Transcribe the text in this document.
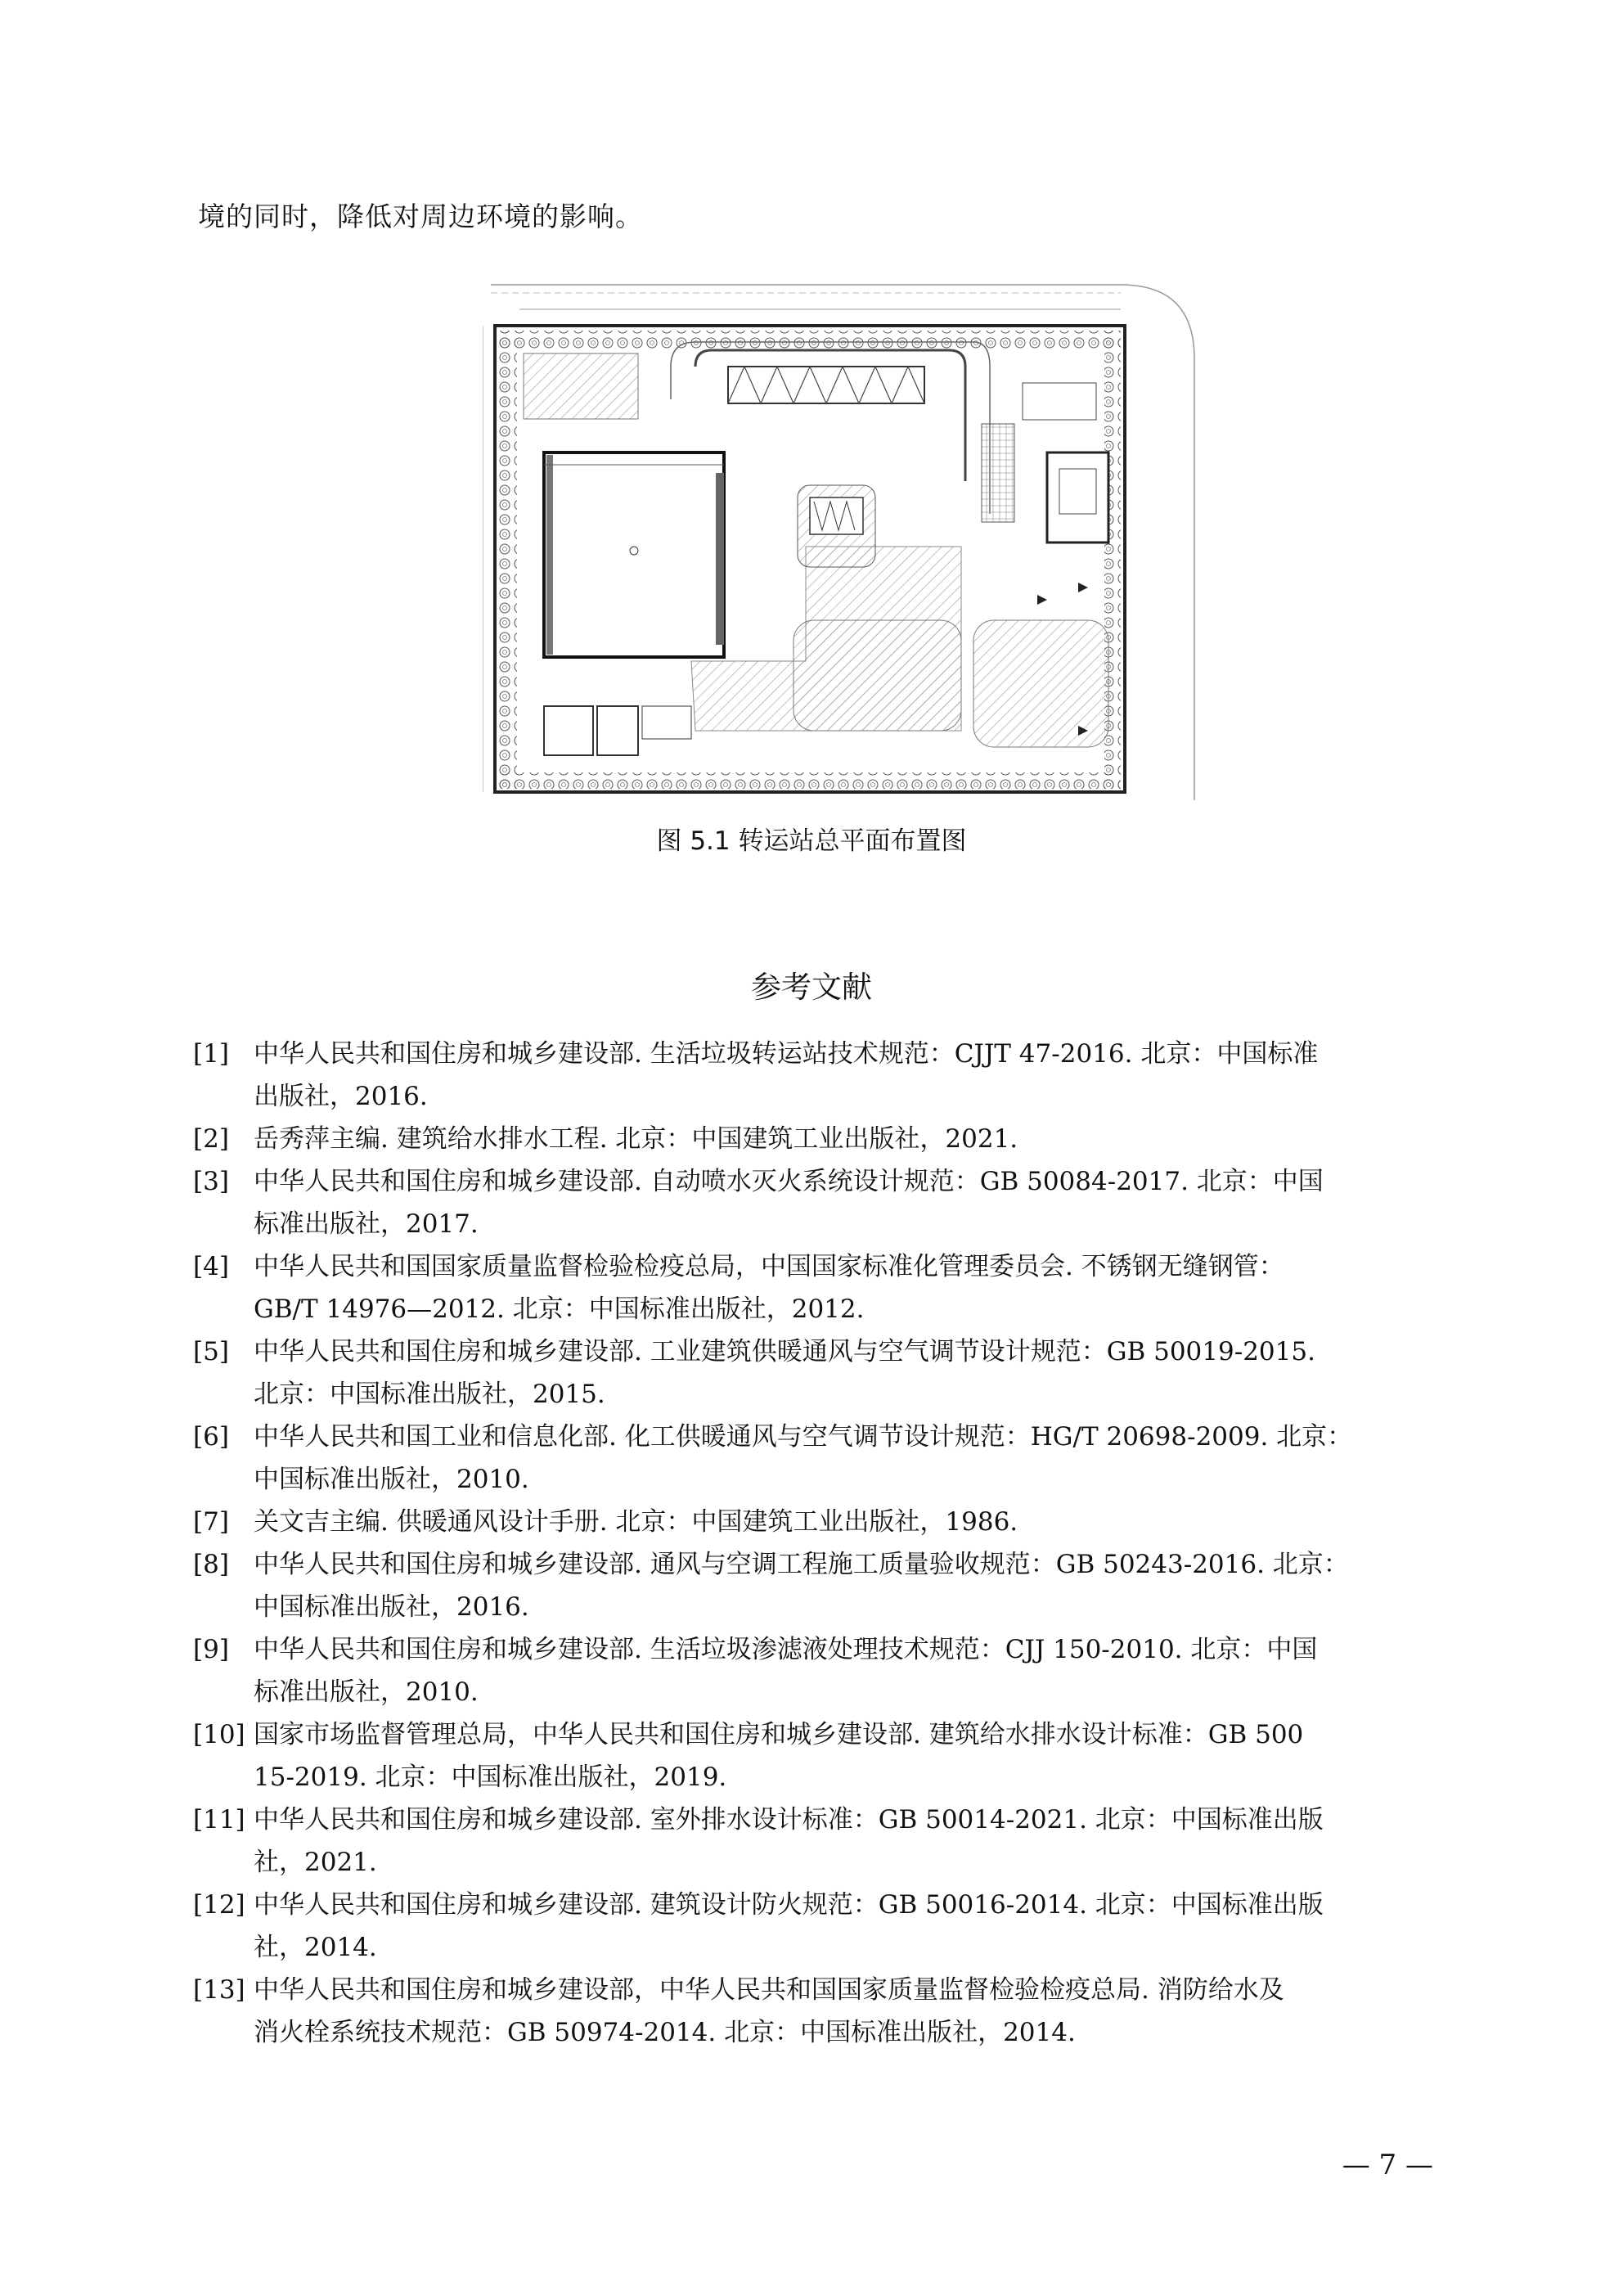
境的同时，降低对周边环境的影响。

图 5.1 转运站总平面布置图
参考文献
[1] 中华人民共和国住房和城乡建设部. 生活垃圾转运站技术规范：CJJT 47-2016. 北京：中国标准
出版社，2016.
[2] 岳秀萍主编. 建筑给水排水工程. 北京：中国建筑工业出版社，2021.
[3] 中华人民共和国住房和城乡建设部. 自动喷水灭火系统设计规范：GB 50084-2017. 北京：中国
标准出版社，2017.
[4] 中华人民共和国国家质量监督检验检疫总局，中国国家标准化管理委员会. 不锈钢无缝钢管：
GB/T 14976—2012. 北京：中国标准出版社，2012.
[5] 中华人民共和国住房和城乡建设部. 工业建筑供暖通风与空气调节设计规范：GB 50019-2015.
北京：中国标准出版社，2015.
[6] 中华人民共和国工业和信息化部. 化工供暖通风与空气调节设计规范：HG/T 20698-2009. 北京：
中国标准出版社，2010.
[7] 关文吉主编. 供暖通风设计手册. 北京：中国建筑工业出版社，1986.
[8] 中华人民共和国住房和城乡建设部. 通风与空调工程施工质量验收规范：GB 50243-2016. 北京：
中国标准出版社，2016.
[9] 中华人民共和国住房和城乡建设部. 生活垃圾渗滤液处理技术规范：CJJ 150-2010. 北京：中国
标准出版社，2010.
[10] 国家市场监督管理总局，中华人民共和国住房和城乡建设部. 建筑给水排水设计标准：GB 500
15-2019. 北京：中国标准出版社，2019.
[11] 中华人民共和国住房和城乡建设部. 室外排水设计标准：GB 50014-2021. 北京：中国标准出版
社，2021.
[12] 中华人民共和国住房和城乡建设部. 建筑设计防火规范：GB 50016-2014. 北京：中国标准出版
社，2014.
[13] 中华人民共和国住房和城乡建设部，中华人民共和国国家质量监督检验检疫总局. 消防给水及
消火栓系统技术规范：GB 50974-2014. 北京：中国标准出版社，2014.
— 7 —
